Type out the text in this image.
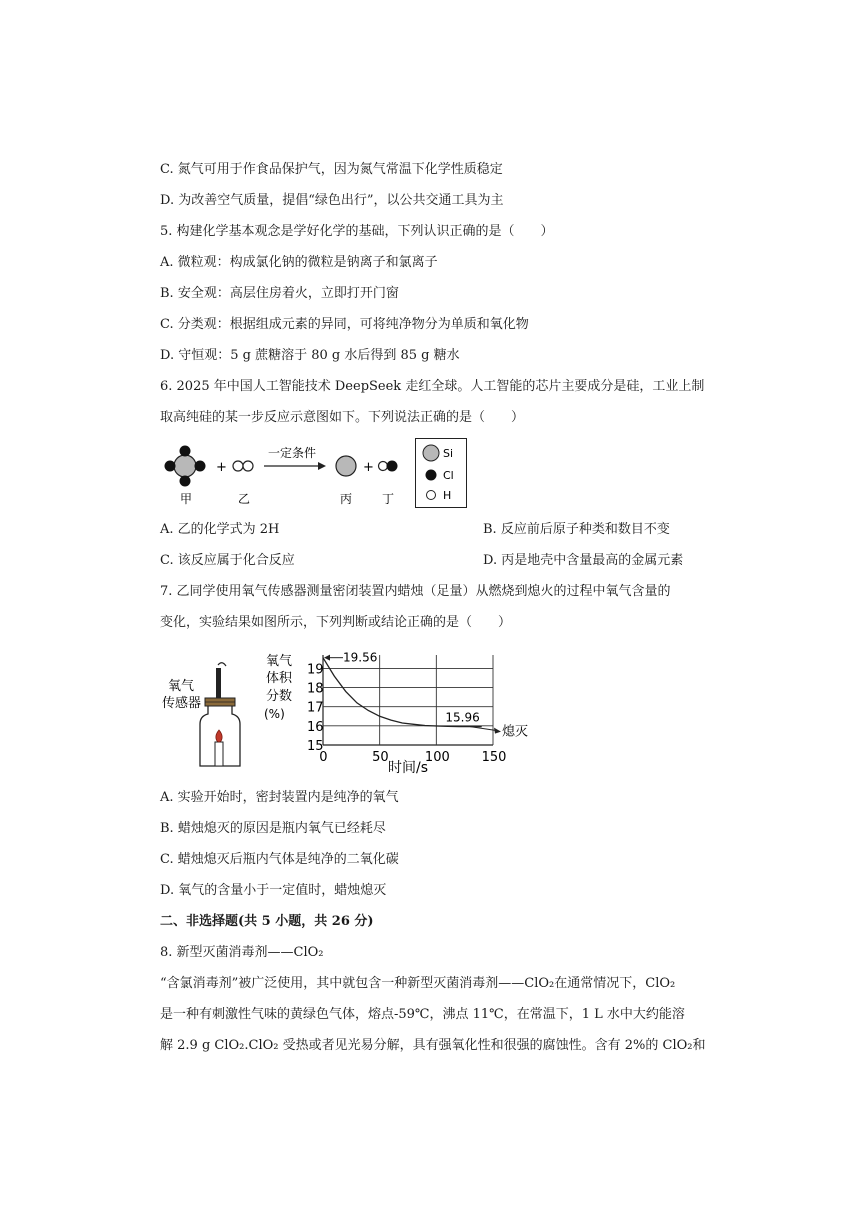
C. 氮气可用于作食品保护气，因为氮气常温下化学性质稳定
D. 为改善空气质量，提倡“绿色出行”，以公共交通工具为主
5. 构建化学基本观念是学好化学的基础，下列认识正确的是（　　）
A. 微粒观：构成氯化钠的微粒是钠离子和氯离子
B. 安全观：高层住房着火，立即打开门窗
C. 分类观：根据组成元素的异同，可将纯净物分为单质和氧化物
D. 守恒观：5 g 蔗糖溶于 80 g 水后得到 85 g 糖水
6. 2025 年中国人工智能技术 DeepSeek 走红全球。人工智能的芯片主要成分是硅，工业上制
取高纯硅的某一步反应示意图如下。下列说法正确的是（　　）
+
一定条件
+
甲	乙	丙 丁
Si
Cl
H
A. 乙的化学式为 2H	B. 反应前后原子种类和数目不变
C. 该反应属于化合反应	D. 丙是地壳中含量最高的金属元素
7. 乙同学使用氧气传感器测量密闭装置内蜡烛（足量）从燃烧到熄火的过程中氧气含量的
变化，实验结果如图所示，下列判断或结论正确的是（　　）
氧气
传感器
氧气
体积
分数
(%)
时间/s
15
16
17
18
19
0	50	100 150
19.56
15.96
熄灭
A. 实验开始时，密封装置内是纯净的氧气
B. 蜡烛熄灭的原因是瓶内氧气已经耗尽
C. 蜡烛熄灭后瓶内气体是纯净的二氧化碳
D. 氧气的含量小于一定值时，蜡烛熄灭
二、非选择题(共 5 小题，共 26 分)
8. 新型灭菌消毒剂——ClO₂
“含氯消毒剂”被广泛使用，其中就包含一种新型灭菌消毒剂——ClO₂在通常情况下，ClO₂
是一种有刺激性气味的黄绿色气体，熔点-59℃，沸点 11℃，在常温下，1 L 水中大约能溶
解 2.9 g ClO₂.ClO₂ 受热或者见光易分解，具有强氧化性和很强的腐蚀性。含有 2%的 ClO₂和
